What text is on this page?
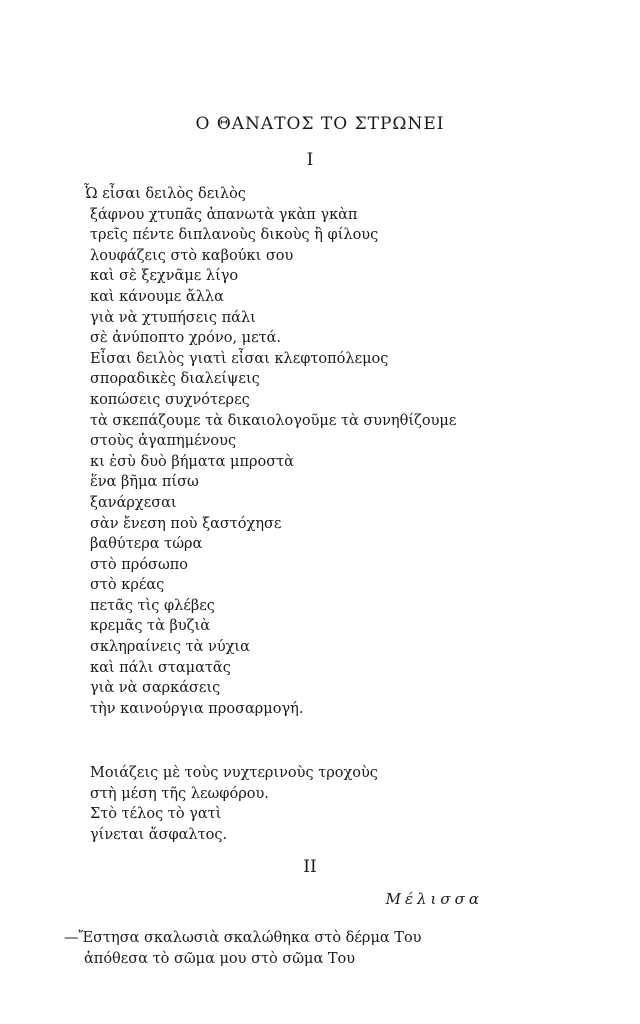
Ο ΘΑΝΑΤΟΣ ΤΟ ΣΤΡΩΝΕΙ
I
Ὦ εἶσαι δειλὸς δειλὸς
ξάφνου χτυπᾶς ἀπανωτὰ γκὰπ γκὰπ
τρεῖς πέντε διπλανοὺς δικοὺς ἢ φίλους
λουφάζεις στὸ καβούκι σου
καὶ σὲ ξεχνᾶμε λίγο
καὶ κάνουμε ἄλλα
γιὰ νὰ χτυπήσεις πάλι
σὲ ἀνύποπτο χρόνο, μετά.
Εἶσαι δειλὸς γιατὶ εἶσαι κλεφτοπόλεμος
σποραδικὲς διαλείψεις
κοπώσεις συχνότερες
τὰ σκεπάζουμε τὰ δικαιολογοῦμε τὰ συνηθίζουμε
στοὺς ἀγαπημένους
κι ἐσὺ δυὸ βήματα μπροστὰ
ἕνα βῆμα πίσω
ξανάρχεσαι
σὰν ἔνεση ποὺ ξαστόχησε
βαθύτερα τώρα
στὸ πρόσωπο
στὸ κρέας
πετᾶς τὶς φλέβες
κρεμᾶς τὰ βυζιὰ
σκληραίνεις τὰ νύχια
καὶ πάλι σταματᾶς
γιὰ νὰ σαρκάσεις
τὴν καινούργια προσαρμογή.
Μοιάζεις μὲ τοὺς νυχτερινοὺς τροχοὺς
στὴ μέση τῆς λεωφόρου.
Στὸ τέλος τὸ γατὶ
γίνεται ἄσφαλτος.
II
Μέλισσα
—Ἔστησα σκαλωσιὰ σκαλώθηκα στὸ δέρμα Του
ἀπόθεσα τὸ σῶμα μου στὸ σῶμα Του
